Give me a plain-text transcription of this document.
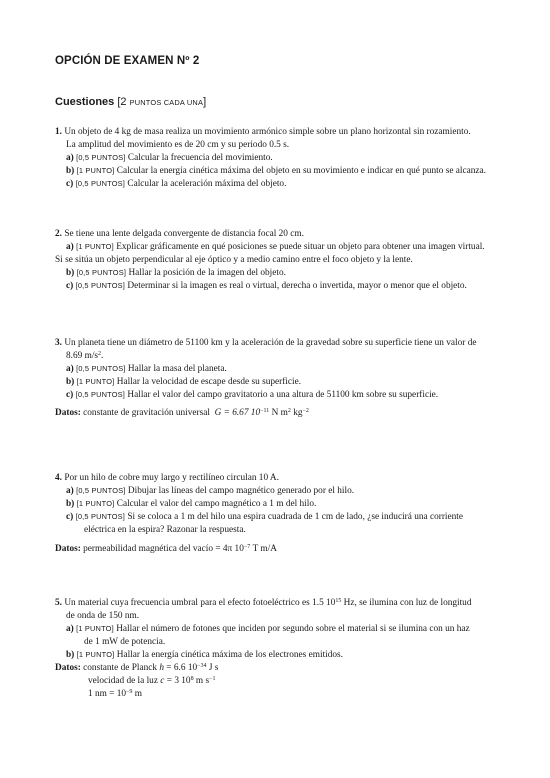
OPCIÓN DE EXAMEN Nº 2
Cuestiones [2 PUNTOS CADA UNA]
1. Un objeto de 4 kg de masa realiza un movimiento armónico simple sobre un plano horizontal sin rozamiento.
La amplitud del movimiento es de 20 cm y su periodo 0.5 s.
a) [0,5 PUNTOS] Calcular la frecuencia del movimiento.
b) [1 PUNTO] Calcular la energía cinética máxima del objeto en su movimiento e indicar en qué punto se alcanza.
c) [0,5 PUNTOS] Calcular la aceleración máxima del objeto.
2. Se tiene una lente delgada convergente de distancia focal 20 cm.
a) [1 PUNTO] Explicar gráficamente en qué posiciones se puede situar un objeto para obtener una imagen virtual.
Si se sitúa un objeto perpendicular al eje óptico y a medio camino entre el foco objeto y la lente.
b) [0,5 PUNTOS] Hallar la posición de la imagen del objeto.
c) [0,5 PUNTOS] Determinar si la imagen es real o virtual, derecha o invertida, mayor o menor que el objeto.
3. Un planeta tiene un diámetro de 51100 km y la aceleración de la gravedad sobre su superficie tiene un valor de
8.69 $m/s^2$.
a) [0,5 PUNTOS] Hallar la masa del planeta.
b) [1 PUNTO] Hallar la velocidad de escape desde su superficie.
c) [0,5 PUNTOS] Hallar el valor del campo gravitatorio a una altura de 51100 km sobre su superficie.
Datos: constante de gravitación universal G = 6.67 $10^{-11}$ N $m^2$ $kg^{-2}$
4. Por un hilo de cobre muy largo y rectilíneo circulan 10 A.
a) [0,5 PUNTOS] Dibujar las líneas del campo magnético generado por el hilo.
b) [1 PUNTO] Calcular el valor del campo magnético a 1 m del hilo.
c) [0,5 PUNTOS] Si se coloca a 1 m del hilo una espira cuadrada de 1 cm de lado, ¿se inducirá una corriente
eléctrica en la espira? Razonar la respuesta.
Datos: permeabilidad magnética del vacío = 4π $10^{-7}$ T m/A
5. Un material cuya frecuencia umbral para el efecto fotoeléctrico es 1.5 $10^{15}$ Hz, se ilumina con luz de longitud
de onda de 150 nm.
a) [1 PUNTO] Hallar el número de fotones que inciden por segundo sobre el material si se ilumina con un haz
de 1 mW de potencia.
b) [1 PUNTO] Hallar la energía cinética máxima de los electrones emitidos.
Datos: constante de Planck h = 6.6 $10^{-34}$ J s
velocidad de la luz c = 3 $10^8$ m $s^{-1}$
1 nm = $10^{-9}$ m
